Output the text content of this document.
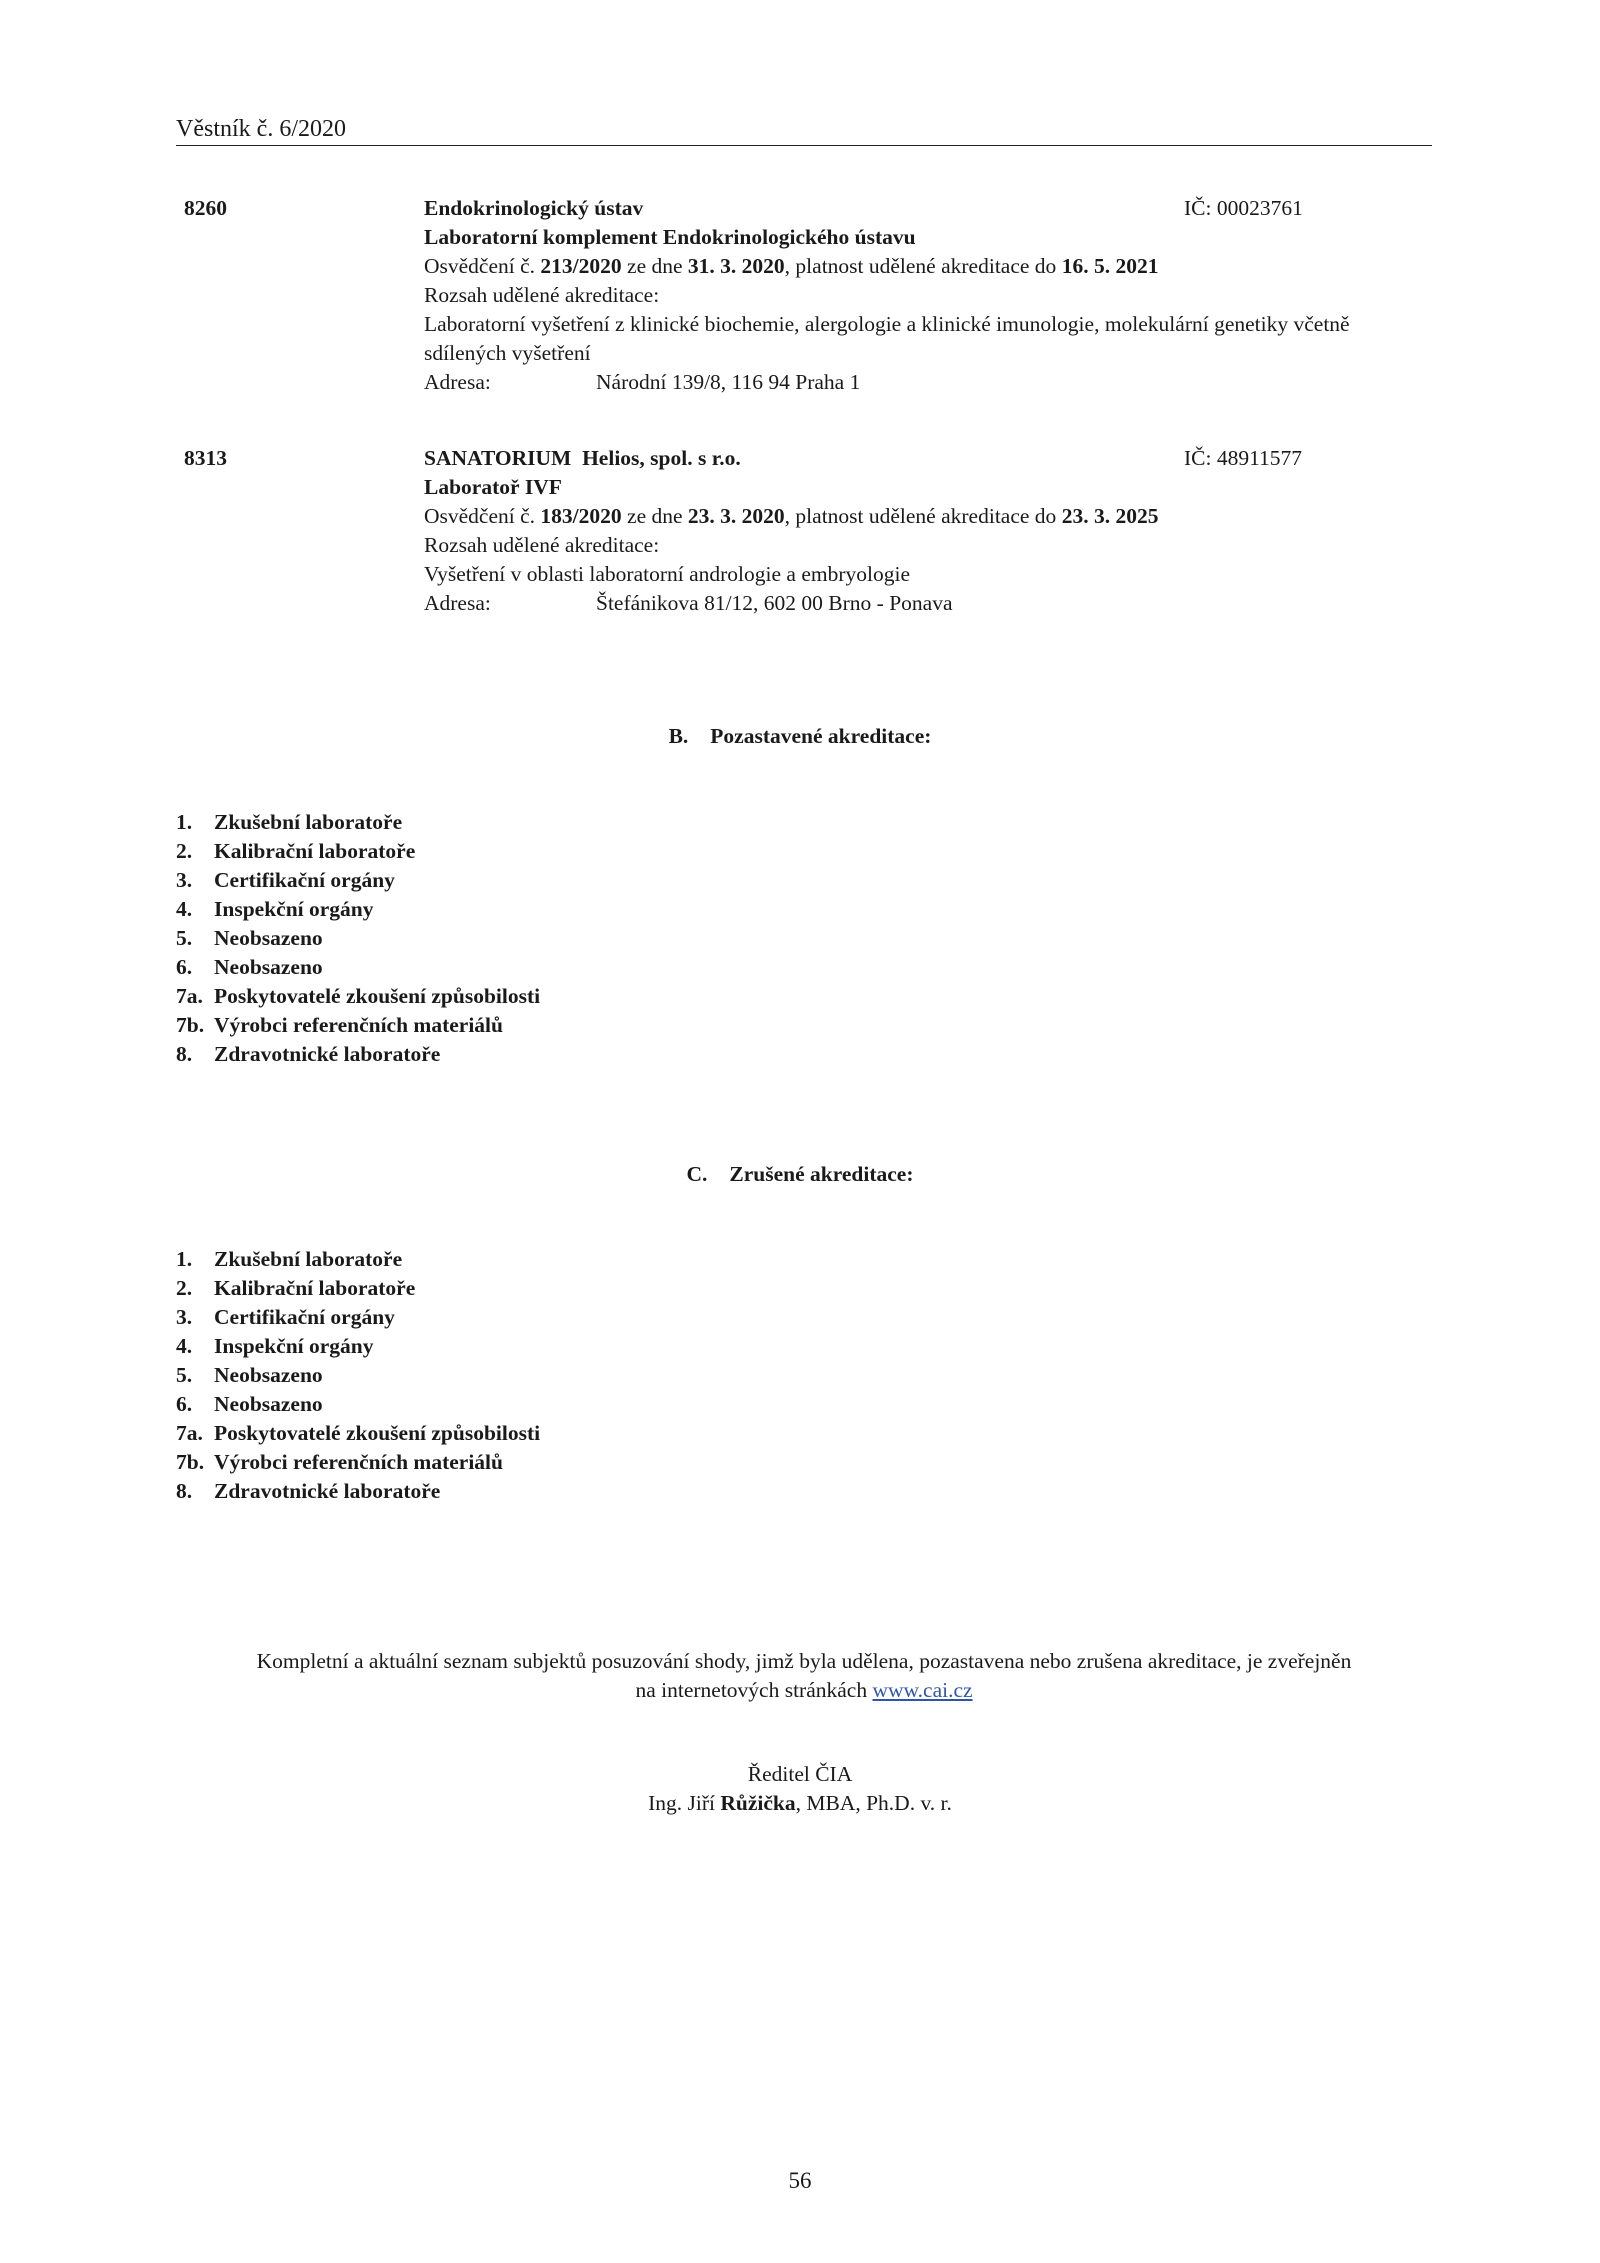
Věstník č. 6/2020
8260	Endokrinologický ústav	IČ: 00023761
Laboratorní komplement Endokrinologického ústavu
Osvědčení č. 213/2020 ze dne 31. 3. 2020, platnost udělené akreditace do 16. 5. 2021
Rozsah udělené akreditace:
Laboratorní vyšetření z klinické biochemie, alergologie a klinické imunologie, molekulární genetiky včetně sdílených vyšetření
Adresa:	Národní 139/8, 116 94 Praha 1
8313	SANATORIUM  Helios, spol. s r.o.	IČ: 48911577
Laboratoř IVF
Osvědčení č. 183/2020 ze dne 23. 3. 2020, platnost udělené akreditace do 23. 3. 2025
Rozsah udělené akreditace:
Vyšetření v oblasti laboratorní andrologie a embryologie
Adresa:	Štefánikova 81/12, 602 00 Brno - Ponava
B. Pozastavené akreditace:
1. Zkušební laboratoře
2. Kalibrační laboratoře
3. Certifikační orgány
4. Inspekční orgány
5. Neobsazeno
6. Neobsazeno
7a. Poskytovatelé zkoušení způsobilosti
7b. Výrobci referenčních materiálů
8. Zdravotnické laboratoře
C. Zrušené akreditace:
1. Zkušební laboratoře
2. Kalibrační laboratoře
3. Certifikační orgány
4. Inspekční orgány
5. Neobsazeno
6. Neobsazeno
7a. Poskytovatelé zkoušení způsobilosti
7b. Výrobci referenčních materiálů
8. Zdravotnické laboratoře
Kompletní a aktuální seznam subjektů posuzování shody, jimž byla udělena, pozastavena nebo zrušena akreditace, je zveřejněn
na internetových stránkách www.cai.cz
Ředitel ČIA
Ing. Jiří Růžička, MBA, Ph.D. v. r.
56
